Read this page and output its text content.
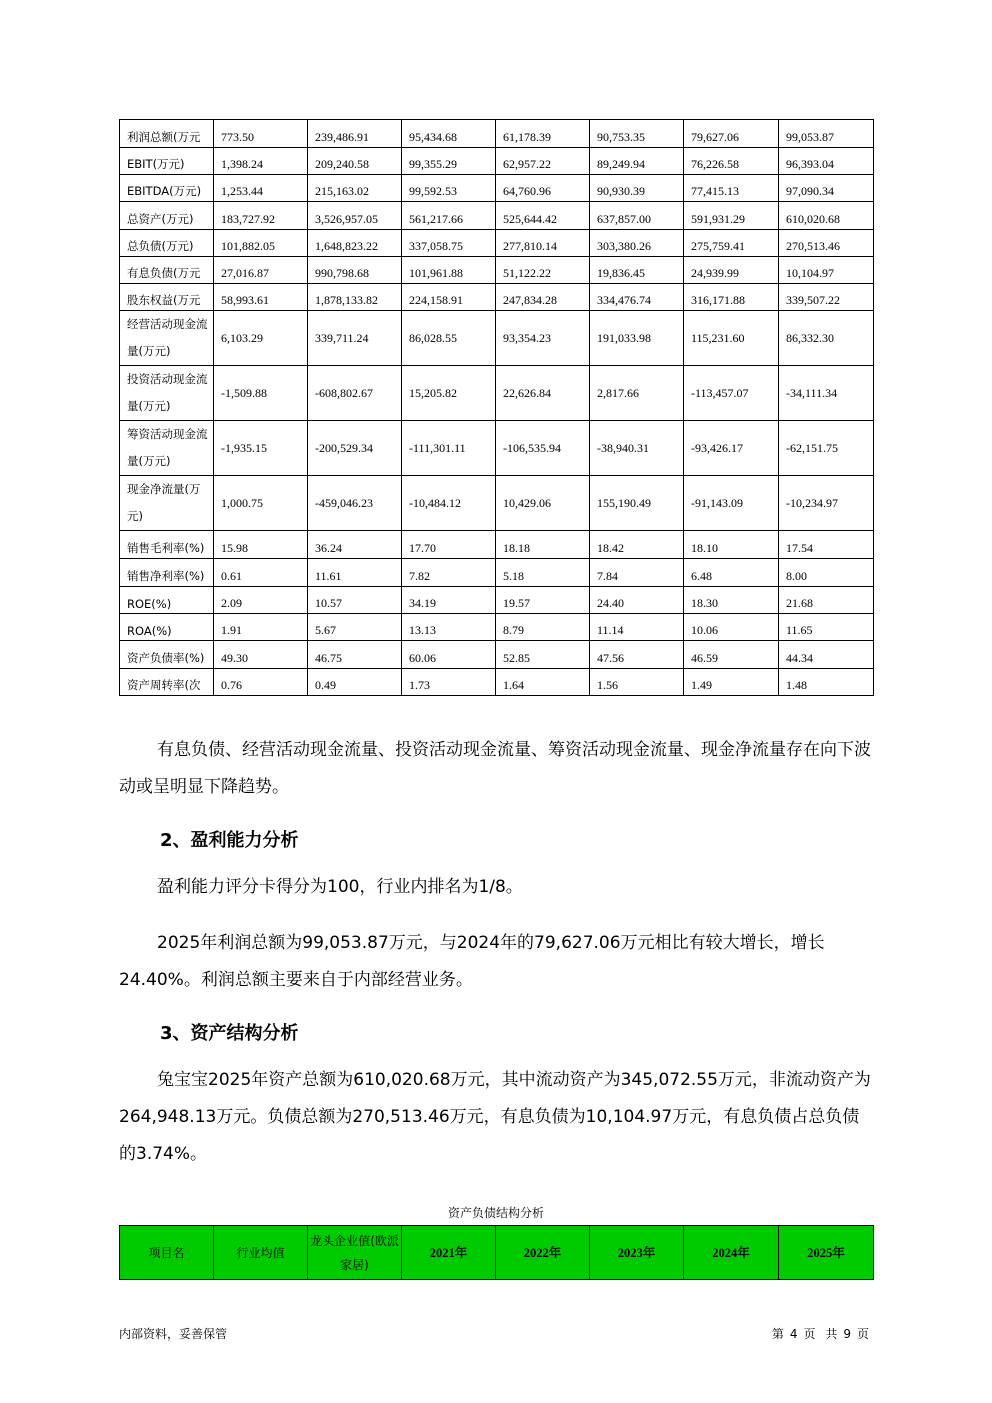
利润总额(万元	773.50	239,486.91	95,434.68	61,178.39	90,753.35	79,627.06	99,053.87
EBIT(万元)	1,398.24	209,240.58	99,355.29	62,957.22	89,249.94	76,226.58	96,393.04
EBITDA(万元)	1,253.44	215,163.02	99,592.53	64,760.96	90,930.39	77,415.13	97,090.34
总资产(万元)	183,727.92	3,526,957.05	561,217.66	525,644.42	637,857.00	591,931.29	610,020.68
总负债(万元)	101,882.05	1,648,823.22	337,058.75	277,810.14	303,380.26	275,759.41	270,513.46
有息负债(万元	27,016.87	990,798.68	101,961.88	51,122.22	19,836.45	24,939.99	10,104.97
股东权益(万元	58,993.61	1,878,133.82	224,158.91	247,834.28	334,476.74	316,171.88	339,507.22
经营活动现金流量(万元)	6,103.29	339,711.24	86,028.55	93,354.23	191,033.98	115,231.60	86,332.30
投资活动现金流量(万元)	-1,509.88	-608,802.67	15,205.82	22,626.84	2,817.66	-113,457.07	-34,111.34
筹资活动现金流量(万元)	-1,935.15	-200,529.34	-111,301.11	-106,535.94	-38,940.31	-93,426.17	-62,151.75
现金净流量(万元)	1,000.75	-459,046.23	-10,484.12	10,429.06	155,190.49	-91,143.09	-10,234.97
销售毛利率(%)	15.98	36.24	17.70	18.18	18.42	18.10	17.54
销售净利率(%)	0.61	11.61	7.82	5.18	7.84	6.48	8.00
ROE(%)	2.09	10.57	34.19	19.57	24.40	18.30	21.68
ROA(%)	1.91	5.67	13.13	8.79	11.14	10.06	11.65
资产负债率(%)	49.30	46.75	60.06	52.85	47.56	46.59	44.34
资产周转率(次	0.76	0.49	1.73	1.64	1.56	1.49	1.48

有息负债、经营活动现金流量、投资活动现金流量、筹资活动现金流量、现金净流量存在向下波动或呈明显下降趋势。

2、盈利能力分析

盈利能力评分卡得分为100，行业内排名为1/8。

2025年利润总额为99,053.87万元，与2024年的79,627.06万元相比有较大增长，增长24.40%。利润总额主要来自于内部经营业务。

3、资产结构分析

兔宝宝2025年资产总额为610,020.68万元，其中流动资产为345,072.55万元，非流动资产为264,948.13万元。负债总额为270,513.46万元，有息负债为10,104.97万元，有息负债占总负债的3.74%。

资产负债结构分析
项目名	行业均值	龙头企业值(欧派家居)	2021年	2022年	2023年	2024年	2025年
内部资料，妥善保管	第 4 页 共 9 页
